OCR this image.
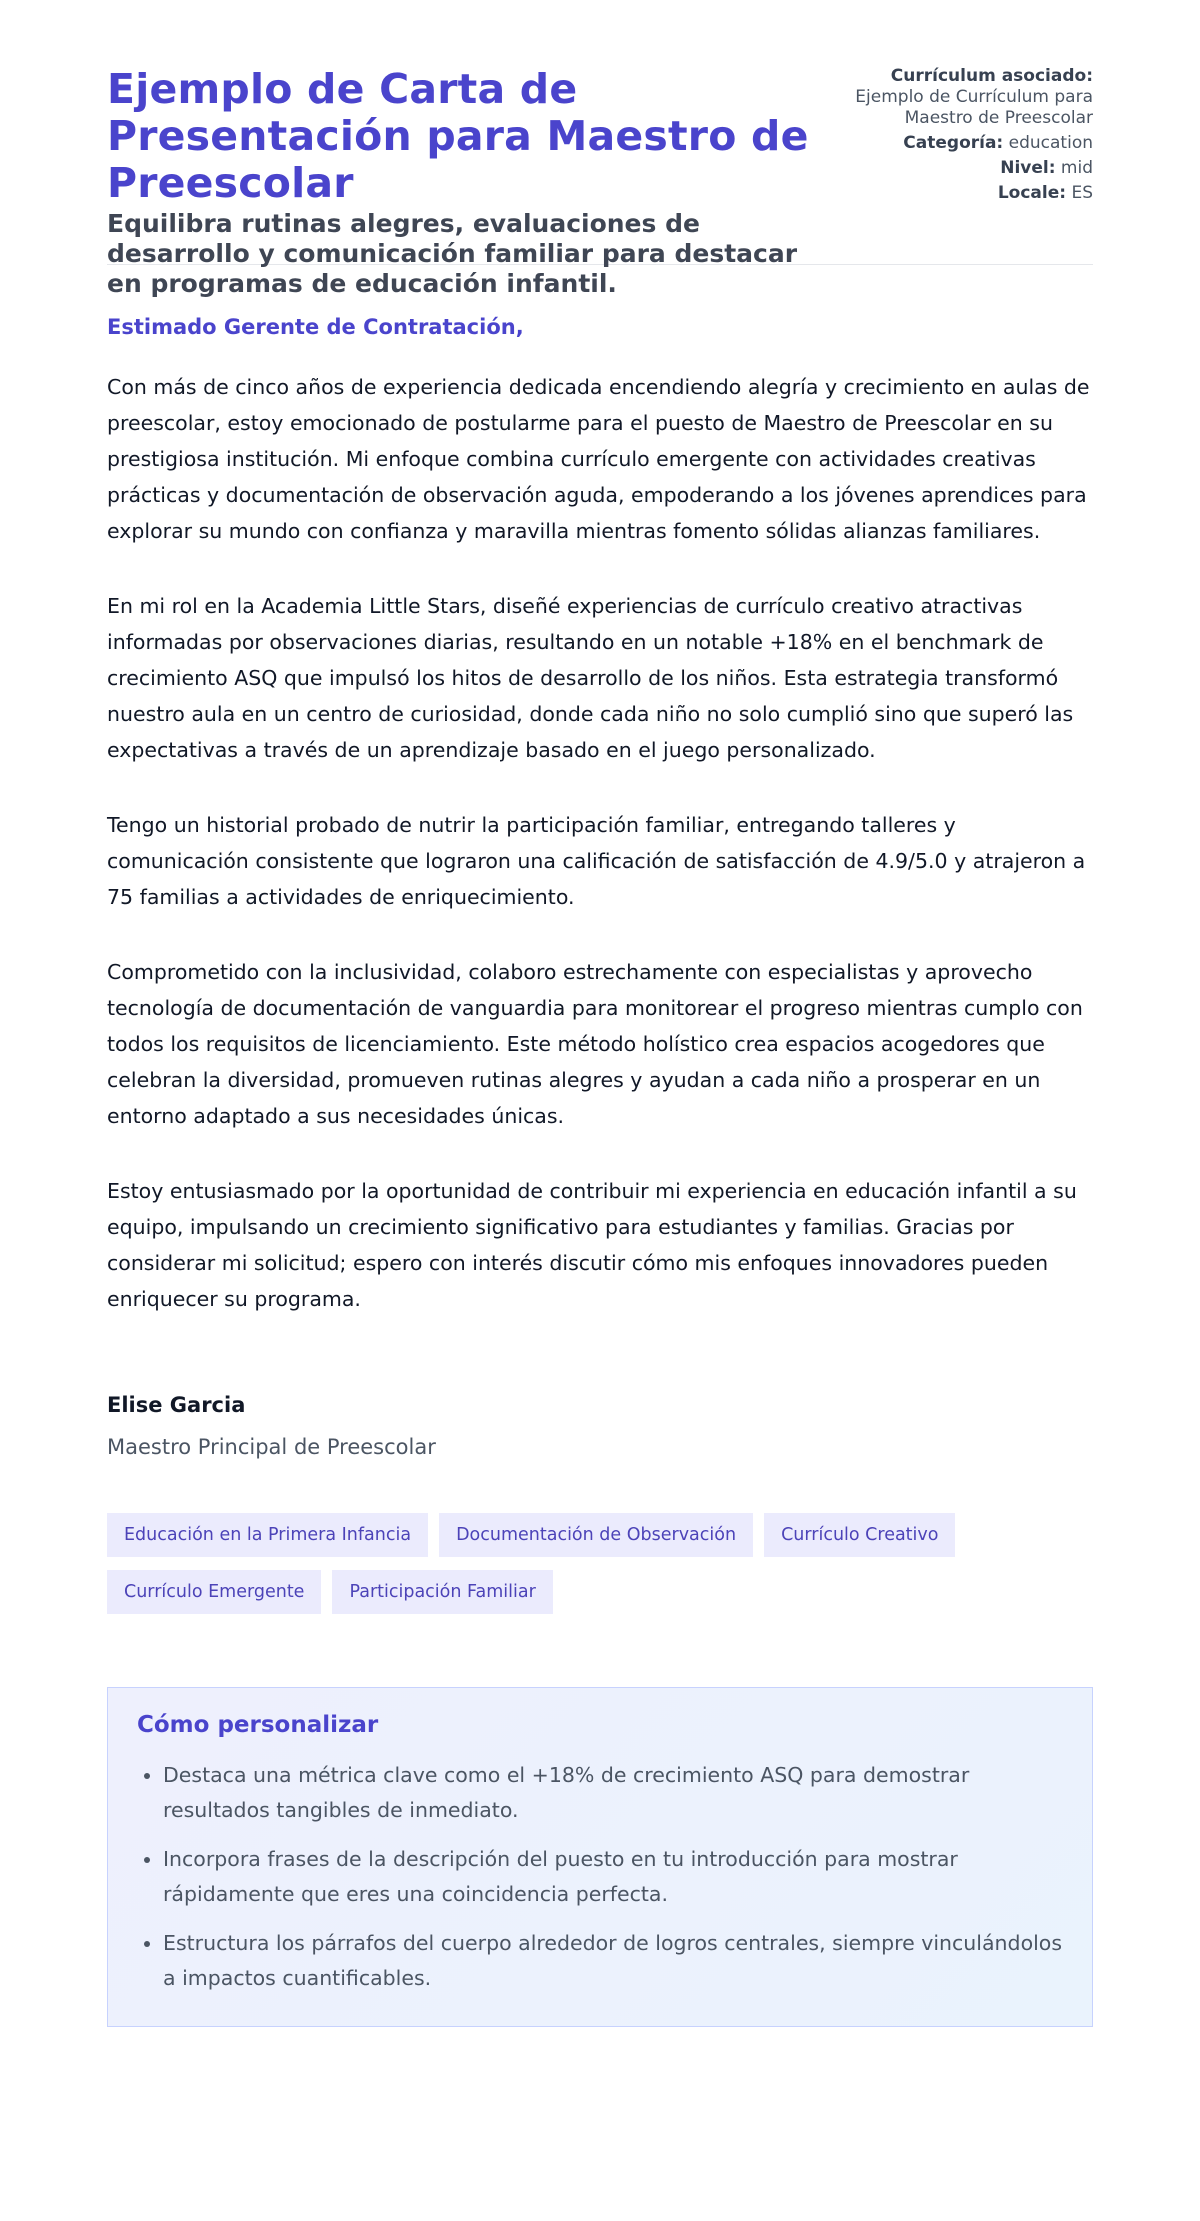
Ejemplo de Carta de Presentación para Maestro de Preescolar
Equilibra rutinas alegres, evaluaciones de desarrollo y comunicación familiar para destacar en programas de educación infantil.
Currículum asociado:
Ejemplo de Currículum para Maestro de Preescolar
Categoría: education
Nivel: mid
Locale: ES

Estimado Gerente de Contratación,

Con más de cinco años de experiencia dedicada encendiendo alegría y crecimiento en aulas de preescolar, estoy emocionado de postularme para el puesto de Maestro de Preescolar en su prestigiosa institución. Mi enfoque combina currículo emergente con actividades creativas prácticas y documentación de observación aguda, empoderando a los jóvenes aprendices para explorar su mundo con confianza y maravilla mientras fomento sólidas alianzas familiares.

En mi rol en la Academia Little Stars, diseñé experiencias de currículo creativo atractivas informadas por observaciones diarias, resultando en un notable +18% en el benchmark de crecimiento ASQ que impulsó los hitos de desarrollo de los niños. Esta estrategia transformó nuestro aula en un centro de curiosidad, donde cada niño no solo cumplió sino que superó las expectativas a través de un aprendizaje basado en el juego personalizado.

Tengo un historial probado de nutrir la participación familiar, entregando talleres y comunicación consistente que lograron una calificación de satisfacción de 4.9/5.0 y atrajeron a 75 familias a actividades de enriquecimiento.

Comprometido con la inclusividad, colaboro estrechamente con especialistas y aprovecho tecnología de documentación de vanguardia para monitorear el progreso mientras cumplo con todos los requisitos de licenciamiento. Este método holístico crea espacios acogedores que celebran la diversidad, promueven rutinas alegres y ayudan a cada niño a prosperar en un entorno adaptado a sus necesidades únicas.

Estoy entusiasmado por la oportunidad de contribuir mi experiencia en educación infantil a su equipo, impulsando un crecimiento significativo para estudiantes y familias. Gracias por considerar mi solicitud; espero con interés discutir cómo mis enfoques innovadores pueden enriquecer su programa.

Elise Garcia

Maestro Principal de Preescolar

Educación en la Primera Infancia	Documentación de Observación	Currículo Creativo
Currículo Emergente	Participación Familiar
Cómo personalizar
• Destaca una métrica clave como el +18% de crecimiento ASQ para demostrar resultados tangibles de inmediato.
• Incorpora frases de la descripción del puesto en tu introducción para mostrar rápidamente que eres una coincidencia perfecta.
• Estructura los párrafos del cuerpo alrededor de logros centrales, siempre vinculándolos a impactos cuantificables.
